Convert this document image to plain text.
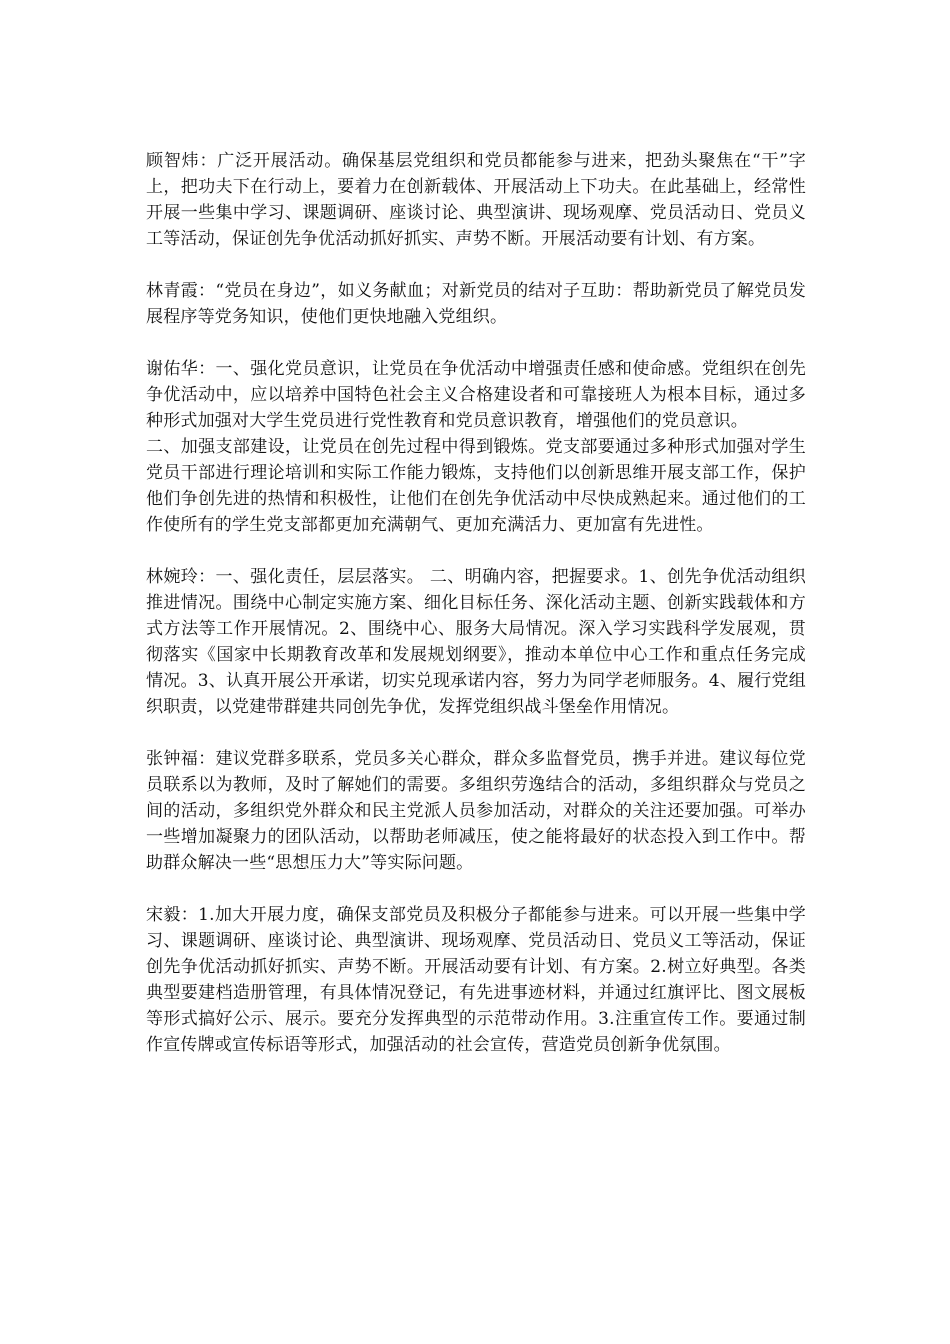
顾智炜：广泛开展活动。确保基层党组织和党员都能参与进来，把劲头聚焦在“干”字上，把功夫下在行动上，要着力在创新载体、开展活动上下功夫。在此基础上，经常性开展一些集中学习、课题调研、座谈讨论、典型演讲、现场观摩、党员活动日、党员义工等活动，保证创先争优活动抓好抓实、声势不断。开展活动要有计划、有方案。

林青霞：“党员在身边”，如义务献血；对新党员的结对子互助：帮助新党员了解党员发展程序等党务知识，使他们更快地融入党组织。

谢佑华：一、强化党员意识，让党员在争优活动中增强责任感和使命感。党组织在创先争优活动中，应以培养中国特色社会主义合格建设者和可靠接班人为根本目标，通过多种形式加强对大学生党员进行党性教育和党员意识教育，增强他们的党员意识。

二、加强支部建设，让党员在创先过程中得到锻炼。党支部要通过多种形式加强对学生党员干部进行理论培训和实际工作能力锻炼，支持他们以创新思维开展支部工作，保护他们争创先进的热情和积极性，让他们在创先争优活动中尽快成熟起来。通过他们的工作使所有的学生党支部都更加充满朝气、更加充满活力、更加富有先进性。

林婉玲：一、强化责任，层层落实。 二、明确内容，把握要求。1、创先争优活动组织推进情况。围绕中心制定实施方案、细化目标任务、深化活动主题、创新实践载体和方式方法等工作开展情况。2、围绕中心、服务大局情况。深入学习实践科学发展观，贯彻落实《国家中长期教育改革和发展规划纲要》，推动本单位中心工作和重点任务完成情况。3、认真开展公开承诺，切实兑现承诺内容，努力为同学老师服务。4、履行党组织职责，以党建带群建共同创先争优，发挥党组织战斗堡垒作用情况。

张钟福：建议党群多联系，党员多关心群众，群众多监督党员，携手并进。建议每位党员联系以为教师，及时了解她们的需要。多组织劳逸结合的活动，多组织群众与党员之间的活动，多组织党外群众和民主党派人员参加活动，对群众的关注还要加强。可举办一些增加凝聚力的团队活动，以帮助老师减压，使之能将最好的状态投入到工作中。帮助群众解决一些“思想压力大”等实际问题。

宋毅：1.加大开展力度，确保支部党员及积极分子都能参与进来。可以开展一些集中学习、课题调研、座谈讨论、典型演讲、现场观摩、党员活动日、党员义工等活动，保证创先争优活动抓好抓实、声势不断。开展活动要有计划、有方案。2.树立好典型。各类典型要建档造册管理，有具体情况登记，有先进事迹材料，并通过红旗评比、图文展板等形式搞好公示、展示。要充分发挥典型的示范带动作用。3.注重宣传工作。要通过制作宣传牌或宣传标语等形式，加强活动的社会宣传，营造党员创新争优氛围。
